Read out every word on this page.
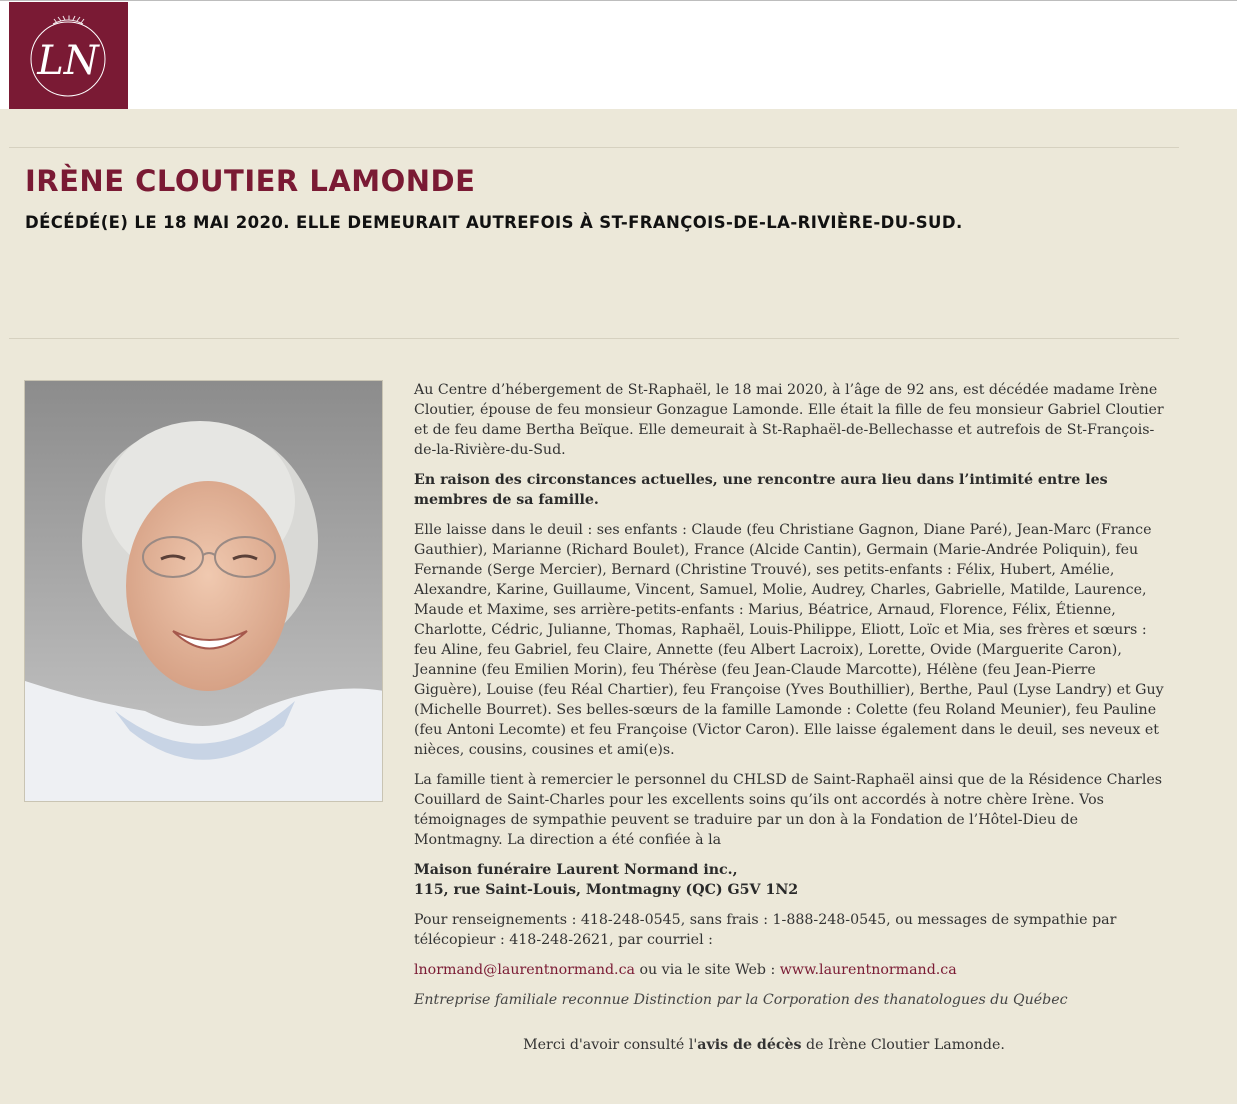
LN
IRÈNE CLOUTIER LAMONDE
DÉCÉDÉ(E) LE 18 MAI 2020. ELLE DEMEURAIT AUTREFOIS À ST-FRANÇOIS-DE-LA-RIVIÈRE-DU-SUD.

Au Centre d’hébergement de St-Raphaël, le 18 mai 2020, à l’âge de 92 ans, est décédée madame Irène Cloutier, épouse de feu monsieur Gonzague Lamonde. Elle était la fille de feu monsieur Gabriel Cloutier et de feu dame Bertha Beïque. Elle demeurait à St-Raphaël-de-Bellechasse et autrefois de St-François-de-la-Rivière-du-Sud.

En raison des circonstances actuelles, une rencontre aura lieu dans l’intimité entre les membres de sa famille.

Elle laisse dans le deuil : ses enfants : Claude (feu Christiane Gagnon, Diane Paré), Jean-Marc (France Gauthier), Marianne (Richard Boulet), France (Alcide Cantin), Germain (Marie-Andrée Poliquin), feu Fernande (Serge Mercier), Bernard (Christine Trouvé), ses petits-enfants : Félix, Hubert, Amélie, Alexandre, Karine, Guillaume, Vincent, Samuel, Molie, Audrey, Charles, Gabrielle, Matilde, Laurence, Maude et Maxime, ses arrière-petits-enfants : Marius, Béatrice, Arnaud, Florence, Félix, Étienne, Charlotte, Cédric, Julianne, Thomas, Raphaël, Louis-Philippe, Eliott, Loïc et Mia, ses frères et sœurs : feu Aline, feu Gabriel, feu Claire, Annette (feu Albert Lacroix), Lorette, Ovide (Marguerite Caron), Jeannine (feu Emilien Morin), feu Thérèse (feu Jean-Claude Marcotte), Hélène (feu Jean-Pierre Giguère), Louise (feu Réal Chartier), feu Françoise (Yves Bouthillier), Berthe, Paul (Lyse Landry) et Guy (Michelle Bourret). Ses belles-sœurs de la famille Lamonde : Colette (feu Roland Meunier), feu Pauline (feu Antoni Lecomte) et feu Françoise (Victor Caron). Elle laisse également dans le deuil, ses neveux et nièces, cousins, cousines et ami(e)s.

La famille tient à remercier le personnel du CHLSD de Saint-Raphaël ainsi que de la Résidence Charles Couillard de Saint-Charles pour les excellents soins qu’ils ont accordés à notre chère Irène. Vos témoignages de sympathie peuvent se traduire par un don à la Fondation de l’Hôtel-Dieu de Montmagny. La direction a été confiée à la

Maison funéraire Laurent Normand inc.,
115, rue Saint-Louis, Montmagny (QC) G5V 1N2

Pour renseignements : 418-248-0545, sans frais : 1-888-248-0545, ou messages de sympathie par télécopieur : 418-248-2621, par courriel :

lnormand@laurentnormand.ca ou via le site Web : www.laurentnormand.ca

Entreprise familiale reconnue Distinction par la Corporation des thanatologues du Québec

Merci d'avoir consulté l'avis de décès de Irène Cloutier Lamonde.
